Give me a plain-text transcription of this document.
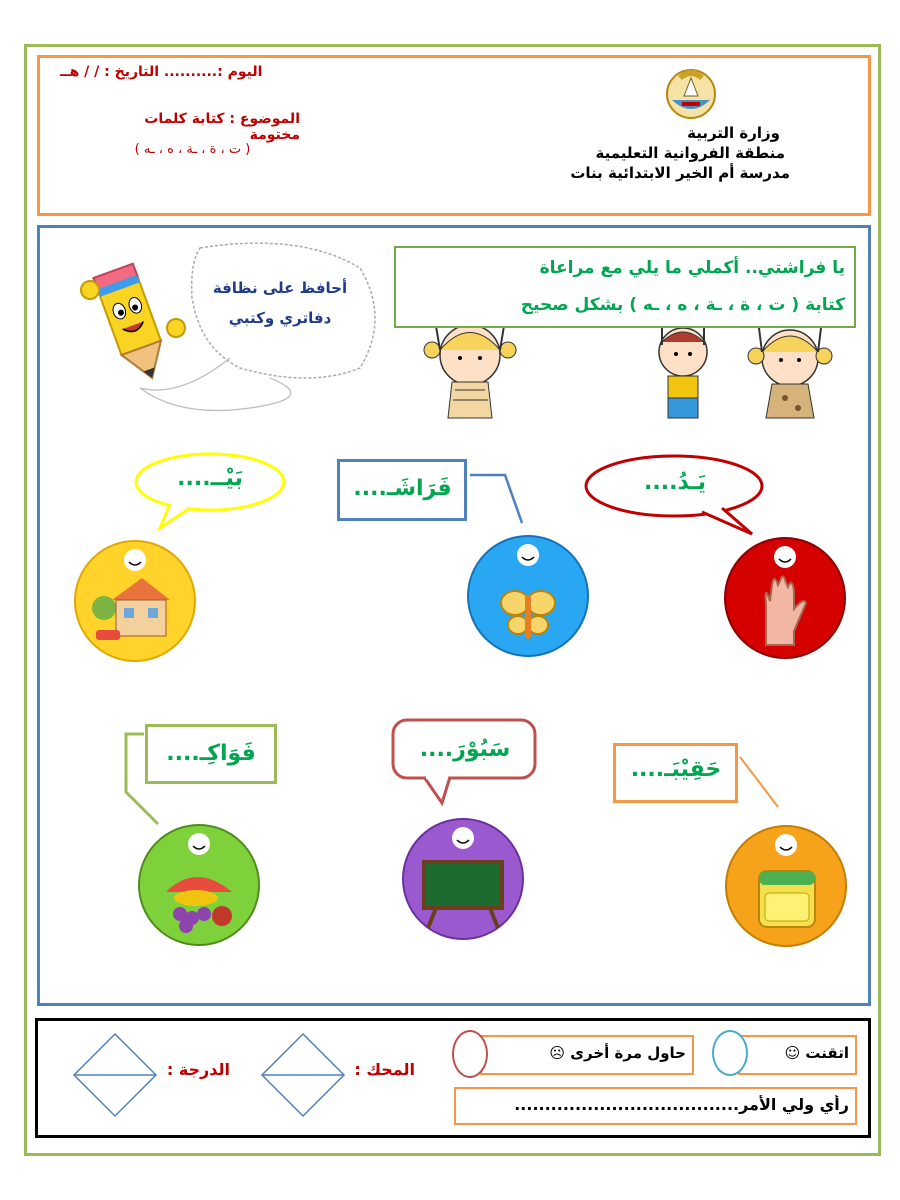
اليوم :.......... التاريخ : / / هــ
الموضوع : كتابة كلمات مختومة
( ت ، ة ، ـة ، ه ، ـه )
وزارة التربية
منطقة الفروانية التعليمية
مدرسة أم الخير الابتدائية بنات
أحافظ على نظافة
دفاتري وكتبي
يا فراشتي.. أكملي ما يلي مع مراعاة
كتابة ( ت ، ة ، ـة ، ه ، ـه ) بشكل صحيح
يَـدُ....
فَرَاشَـ....
بَيْــ....
حَقِيْبَـ....
سَبُوْرَ....
فَوَاكِـ....
اتقنت ☺
حاول مرة أخرى ☹
رأي ولي الأمر.....................................
المحك :
الدرجة :
